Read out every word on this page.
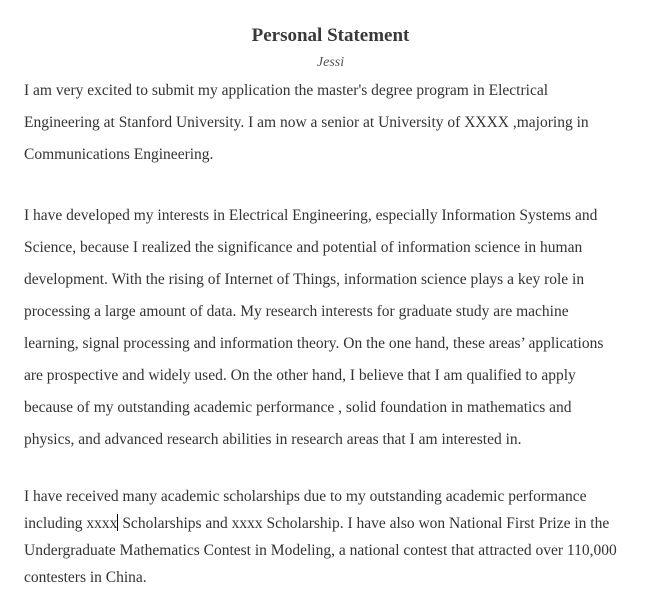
Personal Statement
Jessi
I am very excited to submit my application the master's degree program in Electrical
Engineering at Stanford University. I am now a senior at University of XXXX ,majoring in
Communications Engineering.
I have developed my interests in Electrical Engineering, especially Information Systems and
Science, because I realized the significance and potential of information science in human
development. With the rising of Internet of Things, information science plays a key role in
processing a large amount of data. My research interests for graduate study are machine
learning, signal processing and information theory. On the one hand, these areas’ applications
are prospective and widely used. On the other hand, I believe that I am qualified to apply
because of my outstanding academic performance , solid foundation in mathematics and
physics, and advanced research abilities in research areas that I am interested in.
I have received many academic scholarships due to my outstanding academic performance
including xxxx Scholarships and xxxx Scholarship. I have also won National First Prize in the
Undergraduate Mathematics Contest in Modeling, a national contest that attracted over 110,000
contesters in China.
